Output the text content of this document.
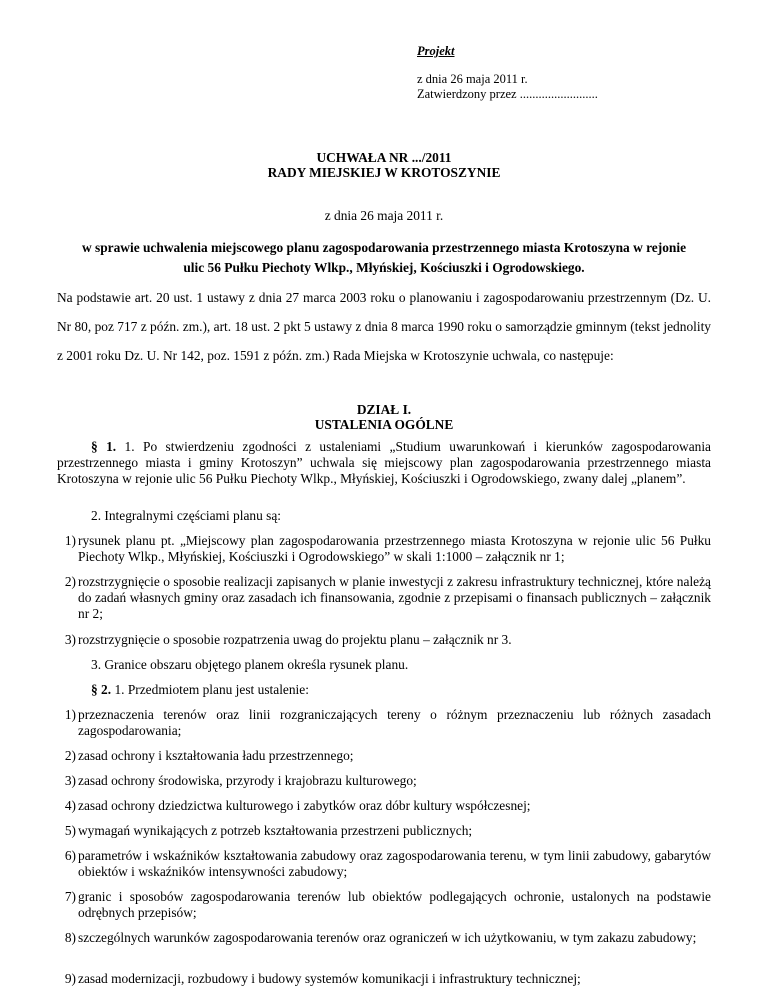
Projekt
z dnia 26 maja 2011 r.
Zatwierdzony przez .........................
UCHWAŁA NR .../2011
RADY MIEJSKIEJ W KROTOSZYNIE
z dnia 26 maja 2011 r.
w sprawie uchwalenia miejscowego planu zagospodarowania przestrzennego miasta Krotoszyna w rejonie
ulic 56 Pułku Piechoty Wlkp., Młyńskiej, Kościuszki i Ogrodowskiego.

Na podstawie art. 20 ust. 1 ustawy z dnia 27 marca 2003 roku o planowaniu i zagospodarowaniu przestrzennym (Dz. U. Nr 80, poz 717 z późn. zm.), art. 18 ust. 2 pkt 5 ustawy z dnia 8 marca 1990 roku o samorządzie gminnym (tekst jednolity z 2001 roku Dz. U. Nr 142, poz. 1591 z późn. zm.) Rada Miejska w Krotoszynie uchwala, co następuje:

DZIAŁ I.
USTALENIA OGÓLNE

§ 1. 1. Po stwierdzeniu zgodności z ustaleniami „Studium uwarunkowań i kierunków zagospodarowania przestrzennego miasta i gminy Krotoszyn” uchwala się miejscowy plan zagospodarowania przestrzennego miasta Krotoszyna w rejonie ulic 56 Pułku Piechoty Wlkp., Młyńskiej, Kościuszki i Ogrodowskiego, zwany dalej „planem”.

2. Integralnymi częściami planu są:

1) rysunek planu pt. „Miejscowy plan zagospodarowania przestrzennego miasta Krotoszyna w rejonie ulic 56 Pułku Piechoty Wlkp., Młyńskiej, Kościuszki i Ogrodowskiego” w skali 1:1000 – załącznik nr 1;
2) rozstrzygnięcie o sposobie realizacji zapisanych w planie inwestycji z zakresu infrastruktury technicznej, które należą do zadań własnych gminy oraz zasadach ich finansowania, zgodnie z przepisami o finansach publicznych – załącznik nr 2;
3) rozstrzygnięcie o sposobie rozpatrzenia uwag do projektu planu – załącznik nr 3.

3. Granice obszaru objętego planem określa rysunek planu.

§ 2. 1. Przedmiotem planu jest ustalenie:

1) przeznaczenia terenów oraz linii rozgraniczających tereny o różnym przeznaczeniu lub różnych zasadach zagospodarowania;
2) zasad ochrony i kształtowania ładu przestrzennego;
3) zasad ochrony środowiska, przyrody i krajobrazu kulturowego;
4) zasad ochrony dziedzictwa kulturowego i zabytków oraz dóbr kultury współczesnej;
5) wymagań wynikających z potrzeb kształtowania przestrzeni publicznych;
6) parametrów i wskaźników kształtowania zabudowy oraz zagospodarowania terenu, w tym linii zabudowy, gabarytów obiektów i wskaźników intensywności zabudowy;
7) granic i sposobów zagospodarowania terenów lub obiektów podlegających ochronie, ustalonych na podstawie odrębnych przepisów;
8) szczególnych warunków zagospodarowania terenów oraz ograniczeń w ich użytkowaniu, w tym zakazu zabudowy;
9) zasad modernizacji, rozbudowy i budowy systemów komunikacji i infrastruktury technicznej;
